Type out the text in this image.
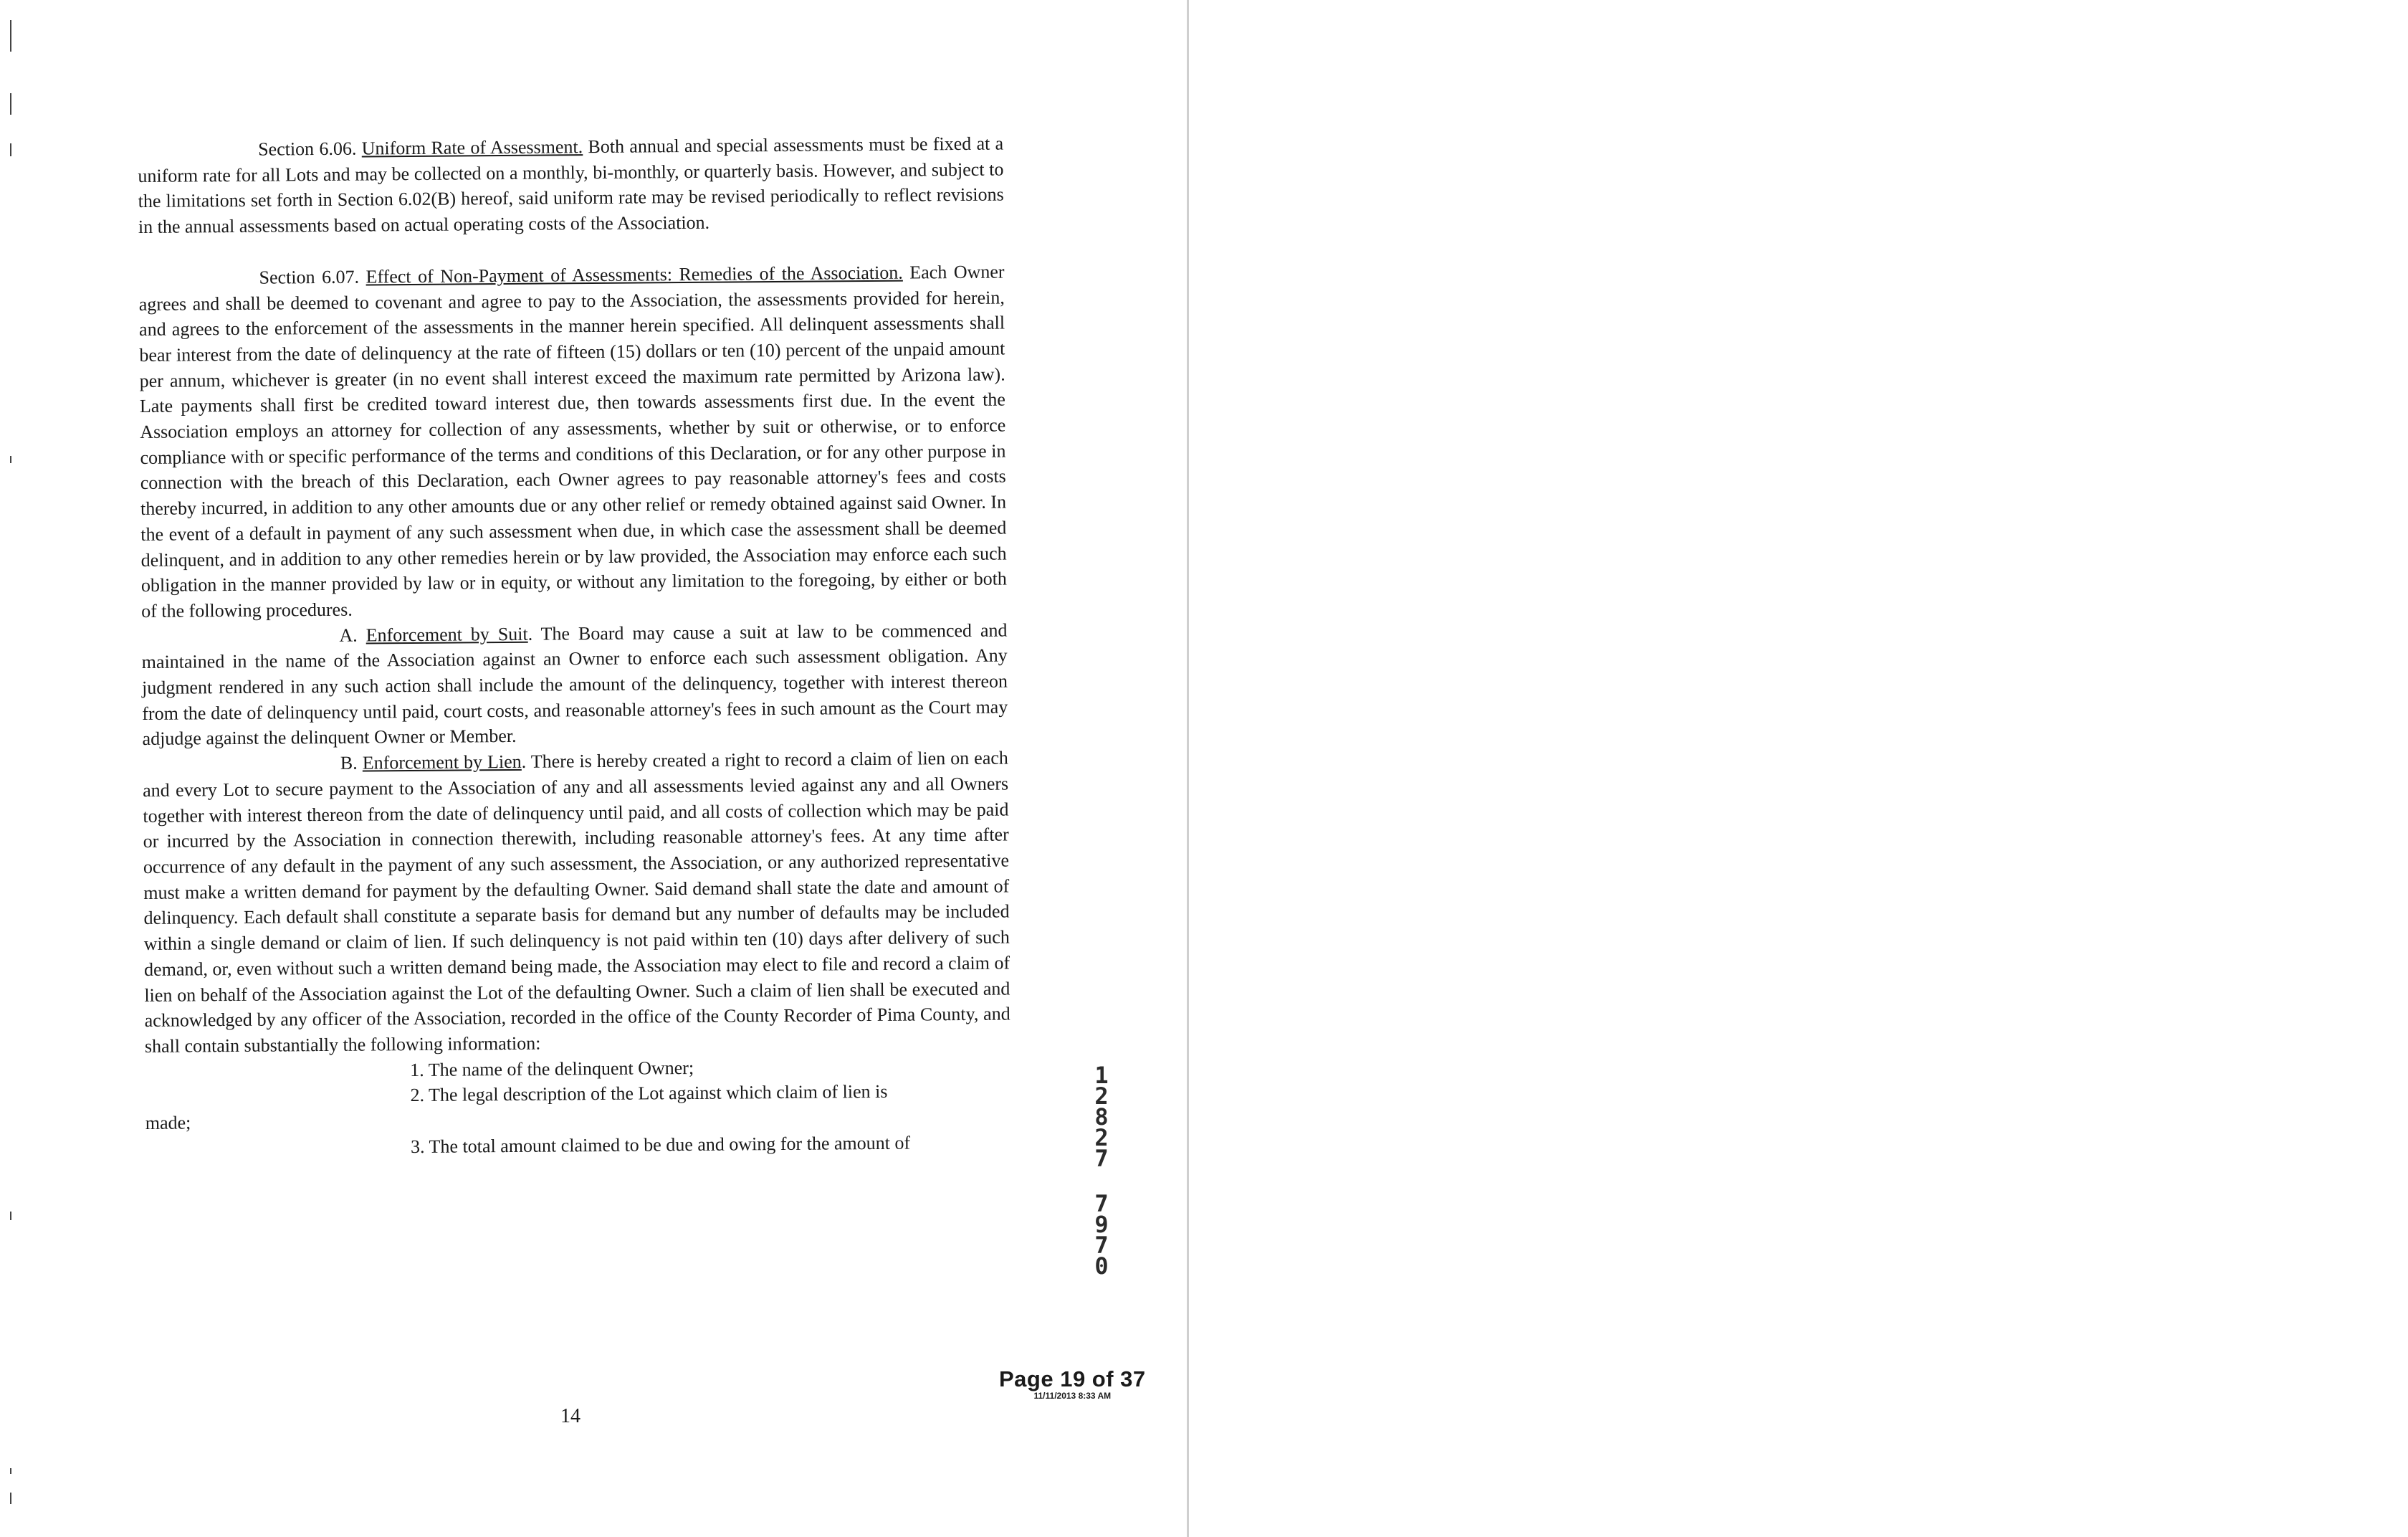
Section 6.06. Uniform Rate of Assessment. Both annual and special assessments must be fixed at a uniform rate for all Lots and may be collected on a monthly, bi-monthly, or quarterly basis. However, and subject to the limitations set forth in Section 6.02(B) hereof, said uniform rate may be revised periodically to reflect revisions in the annual assessments based on actual operating costs of the Association.

Section 6.07. Effect of Non-Payment of Assessments: Remedies of the Association. Each Owner agrees and shall be deemed to covenant and agree to pay to the Association, the assessments provided for herein, and agrees to the enforcement of the assessments in the manner herein specified. All delinquent assessments shall bear interest from the date of delinquency at the rate of fifteen (15) dollars or ten (10) percent of the unpaid amount per annum, whichever is greater (in no event shall interest exceed the maximum rate permitted by Arizona law). Late payments shall first be credited toward interest due, then towards assessments first due. In the event the Association employs an attorney for collection of any assessments, whether by suit or otherwise, or to enforce compliance with or specific performance of the terms and conditions of this Declaration, or for any other purpose in connection with the breach of this Declaration, each Owner agrees to pay reasonable attorney's fees and costs thereby incurred, in addition to any other amounts due or any other relief or remedy obtained against said Owner. In the event of a default in payment of any such assessment when due, in which case the assessment shall be deemed delinquent, and in addition to any other remedies herein or by law provided, the Association may enforce each such obligation in the manner provided by law or in equity, or without any limitation to the foregoing, by either or both of the following procedures.

A. Enforcement by Suit. The Board may cause a suit at law to be commenced and maintained in the name of the Association against an Owner to enforce each such assessment obligation. Any judgment rendered in any such action shall include the amount of the delinquency, together with interest thereon from the date of delinquency until paid, court costs, and reasonable attorney's fees in such amount as the Court may adjudge against the delinquent Owner or Member.

B. Enforcement by Lien. There is hereby created a right to record a claim of lien on each and every Lot to secure payment to the Association of any and all assessments levied against any and all Owners together with interest thereon from the date of delinquency until paid, and all costs of collection which may be paid or incurred by the Association in connection therewith, including reasonable attorney's fees. At any time after occurrence of any default in the payment of any such assessment, the Association, or any authorized representative must make a written demand for payment by the defaulting Owner. Said demand shall state the date and amount of delinquency. Each default shall constitute a separate basis for demand but any number of defaults may be included within a single demand or claim of lien. If such delinquency is not paid within ten (10) days after delivery of such demand, or, even without such a written demand being made, the Association may elect to file and record a claim of lien on behalf of the Association against the Lot of the defaulting Owner. Such a claim of lien shall be executed and acknowledged by any officer of the Association, recorded in the office of the County Recorder of Pima County, and shall contain substantially the following information:

1. The name of the delinquent Owner;

2. The legal description of the Lot against which claim of lien is

made;

3. The total amount claimed to be due and owing for the amount of

14
Page 19 of 37
11/11/2013 8:33 AM
1
2
8
2
7
7
9
7
0
